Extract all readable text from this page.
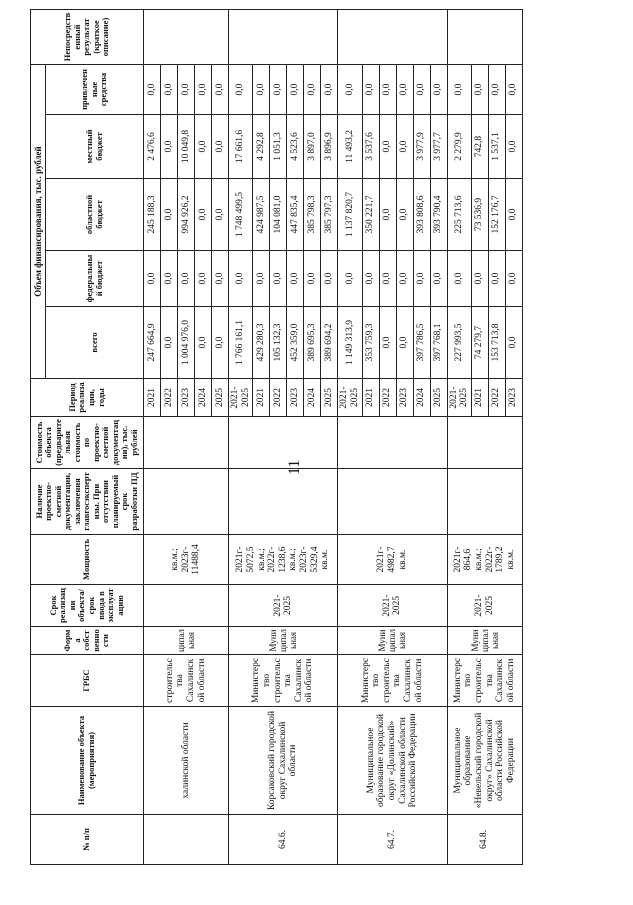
11
№ п/п	Наименование объекта (мероприятия)	ГРБС	Форма собственности	Срок реализации объекта/срок ввода в эксплуатацию	Мощность	Наличие проектно-сметной документации, заключения главгосэкспертизы. При отсутствии планируемый срок разработки ПД	Стоимость объекта (предварительная стоимость по проектно-сметной документации), тыс. рублей	Период реализации, годы	Объем финансирования, тыс. рублей					Непосредственный результат (краткое описание)
									всего	федеральный бюджет	областной бюджет	местный бюджет	привлеченные средства	
	халинской области	строительства Сахалинской области	ципальная		кв.м.; 2023г- 11488,4			2021	247 664,9	0,0	245 188,3	2 476,6	0,0	
								2022	0,0	0,0	0,0	0,0	0,0	
								2023	1 004 976,0	0,0	994 926,2	10 049,8	0,0	
								2024	0,0	0,0	0,0	0,0	0,0	
								2025	0,0	0,0	0,0	0,0	0,0	
64.6.	Корсаковский городской округ Сахалинской области	Министерство строительства Сахалинской области	Муниципальная	2021-2025	2021г- 5072,5 кв.м.; 2022г- 1238,6 кв.м.; 2023г- 5329,4 кв.м.			2021-2025	1 766 161,1	0,0	1 748 499,5	17 661,6	0,0	
								2021	429 280,3	0,0	424 987,5	4 292,8	0,0	
								2022	105 132,3	0,0	104 081,0	1 051,3	0,0	
								2023	452 359,0	0,0	447 835,4	4 523,6	0,0	
								2024	389 695,3	0,0	385 798,3	3 897,0	0,0	
								2025	389 694,2	0,0	385 797,3	3 896,9	0,0	
64.7.	Муниципальное образование городской округ «Долинский» Сахалинской области Российской Федерации	Министерство строительства Сахалинской области	Муниципальная	2021-2025	2021г- 4982,7 кв.м.			2021-2025	1 149 313,9	0,0	1 137 820,7	11 493,2	0,0	
								2021	353 759,3	0,0	350 221,7	3 537,6	0,0	
								2022	0,0	0,0	0,0	0,0	0,0	
								2023	0,0	0,0	0,0	0,0	0,0	
								2024	397 786,5	0,0	393 808,6	3 977,9	0,0	
								2025	397 768,1	0,0	393 790,4	3 977,7	0,0	
64.8.	Муниципальное образование «Невельский городской округ» Сахалинской области Российской Федерации	Министерство строительства Сахалинской области	Муниципальная	2021-2025	2021г- 864,6 кв.м.; 2022г- 1789,2 кв.м.			2021-2025	227 993,5	0,0	225 713,6	2 279,9	0,0	
								2021	74 279,7	0,0	73 536,9	742,8	0,0	
								2022	153 713,8	0,0	152 176,7	1 537,1	0,0	
								2023	0,0	0,0	0,0	0,0	0,0	
